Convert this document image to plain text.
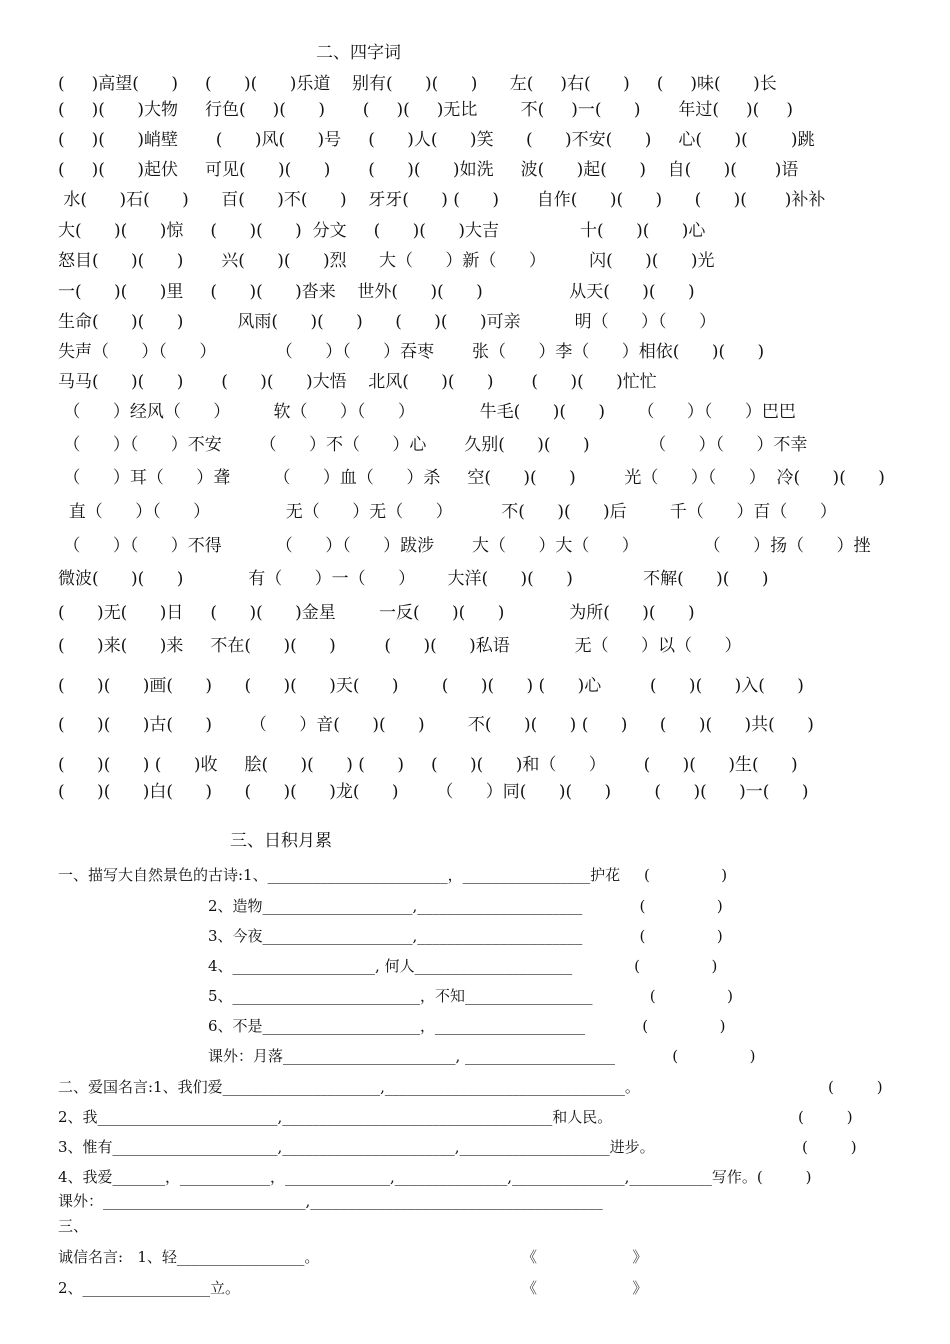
二、四字词
(     )高望(      )     (      )(      )乐道    别有(      )(      )      左(     )右(      )     (     )味(      )长
(     )(      )大物     行色(     )(      )       (     )(     )无比        不(     )一(      )       年过(     )(     )
(     )(      )峭壁       (      )风(      )号     (      )人(      )笑      (      )不安(      )     心(      )(        )跳
(     )(      )起伏     可见(      )(      )       (      )(      )如洗     波(      )起(      )    自(      )(       )语
水(      )石(      )      百(      )不(      )    牙牙(      ) (      )       自作(      )(      )      (      )(       )补补
大(      )(      )惊     (      )(      )  分文     (      )(      )大吉               十(      )(      )心
怒目(      )(      )       兴(      )(      )烈      大（      ）新（      ）        闪(      )(      )光
一(      )(      )里     (      )(      )沓来    世外(      )(      )                从天(      )(      )
生命(      )(      )          风雨(      )(      )      (      )(      )可亲          明（      ）（      ）
失声（      ）（      ）           （      ）（      ）吞枣       张（      ）李（      ）相依(      )(      )
马马(      )(      )       (      )(      )大悟    北风(      )(      )       (      )(      )忙忙
（      ）经风（      ）        软（      ）（      ）            牛毛(      )(      )      （      ）（      ）巴巴
（      ）（      ）不安       （      ）不（      ）心       久别(      )(      )           （      ）（      ）不幸
（      ）耳（      ）聋        （      ）血（      ）杀     空(      )(      )         光（      ）（      ）  冷(      )(      )
直（      ）（      ）              无（      ）无（      ）         不(      )(      )后        千（      ）百（      ）
（      ）（      ）不得          （      ）（      ）跋涉       大（      ）大（      ）            （      ）扬（      ）挫
微波(      )(      )            有（      ）一（      ）      大洋(      )(      )             不解(      )(      )
(      )无(      )日     (      )(      )金星        一反(      )(      )            为所(      )(      )
(      )来(      )来     不在(      )(      )         (      )(      )私语            无（      ）以（      ）
(      )(      )画(      )      (      )(      )天(      )        (      )(      ) (      )心         (      )(      )入(      )
(      )(      )古(      )       （      ）音(      )(      )        不(      )(      ) (      )      (      )(      )共(      )
(      )(      ) (      )收     脍(      )(      ) (      )     (      )(      )和（      ）       (      )(      )生(      )
(      )(      )白(      )      (      )(      )龙(      )       （      ）同(      )(      )        (      )(      )一(      )
三、日积月累
一、描写大自然景色的古诗:1、________________________，_________________护花     (               )
2、造物____________________,______________________            (               )
3、今夜____________________,______________________            (               )
4、___________________, 何人_____________________             (               )
5、_________________________，不知_________________            (               )
6、不是_____________________，____________________            (               )
课外：月落_______________________, ____________________            (               )
二、爱国名言:1、我们爱_____________________,________________________________。	(         )
2、我________________________,____________________________________和人民。	(         )
3、惟有______________________,_______________________,____________________进步。	(         )
4、我爱_______，____________，______________,_______________,_______________,___________写作。(         )
课外：___________________________,_______________________________________
三、
诚信名言:   1、轻_________________。	《                    》
2、_________________立。	《                    》
